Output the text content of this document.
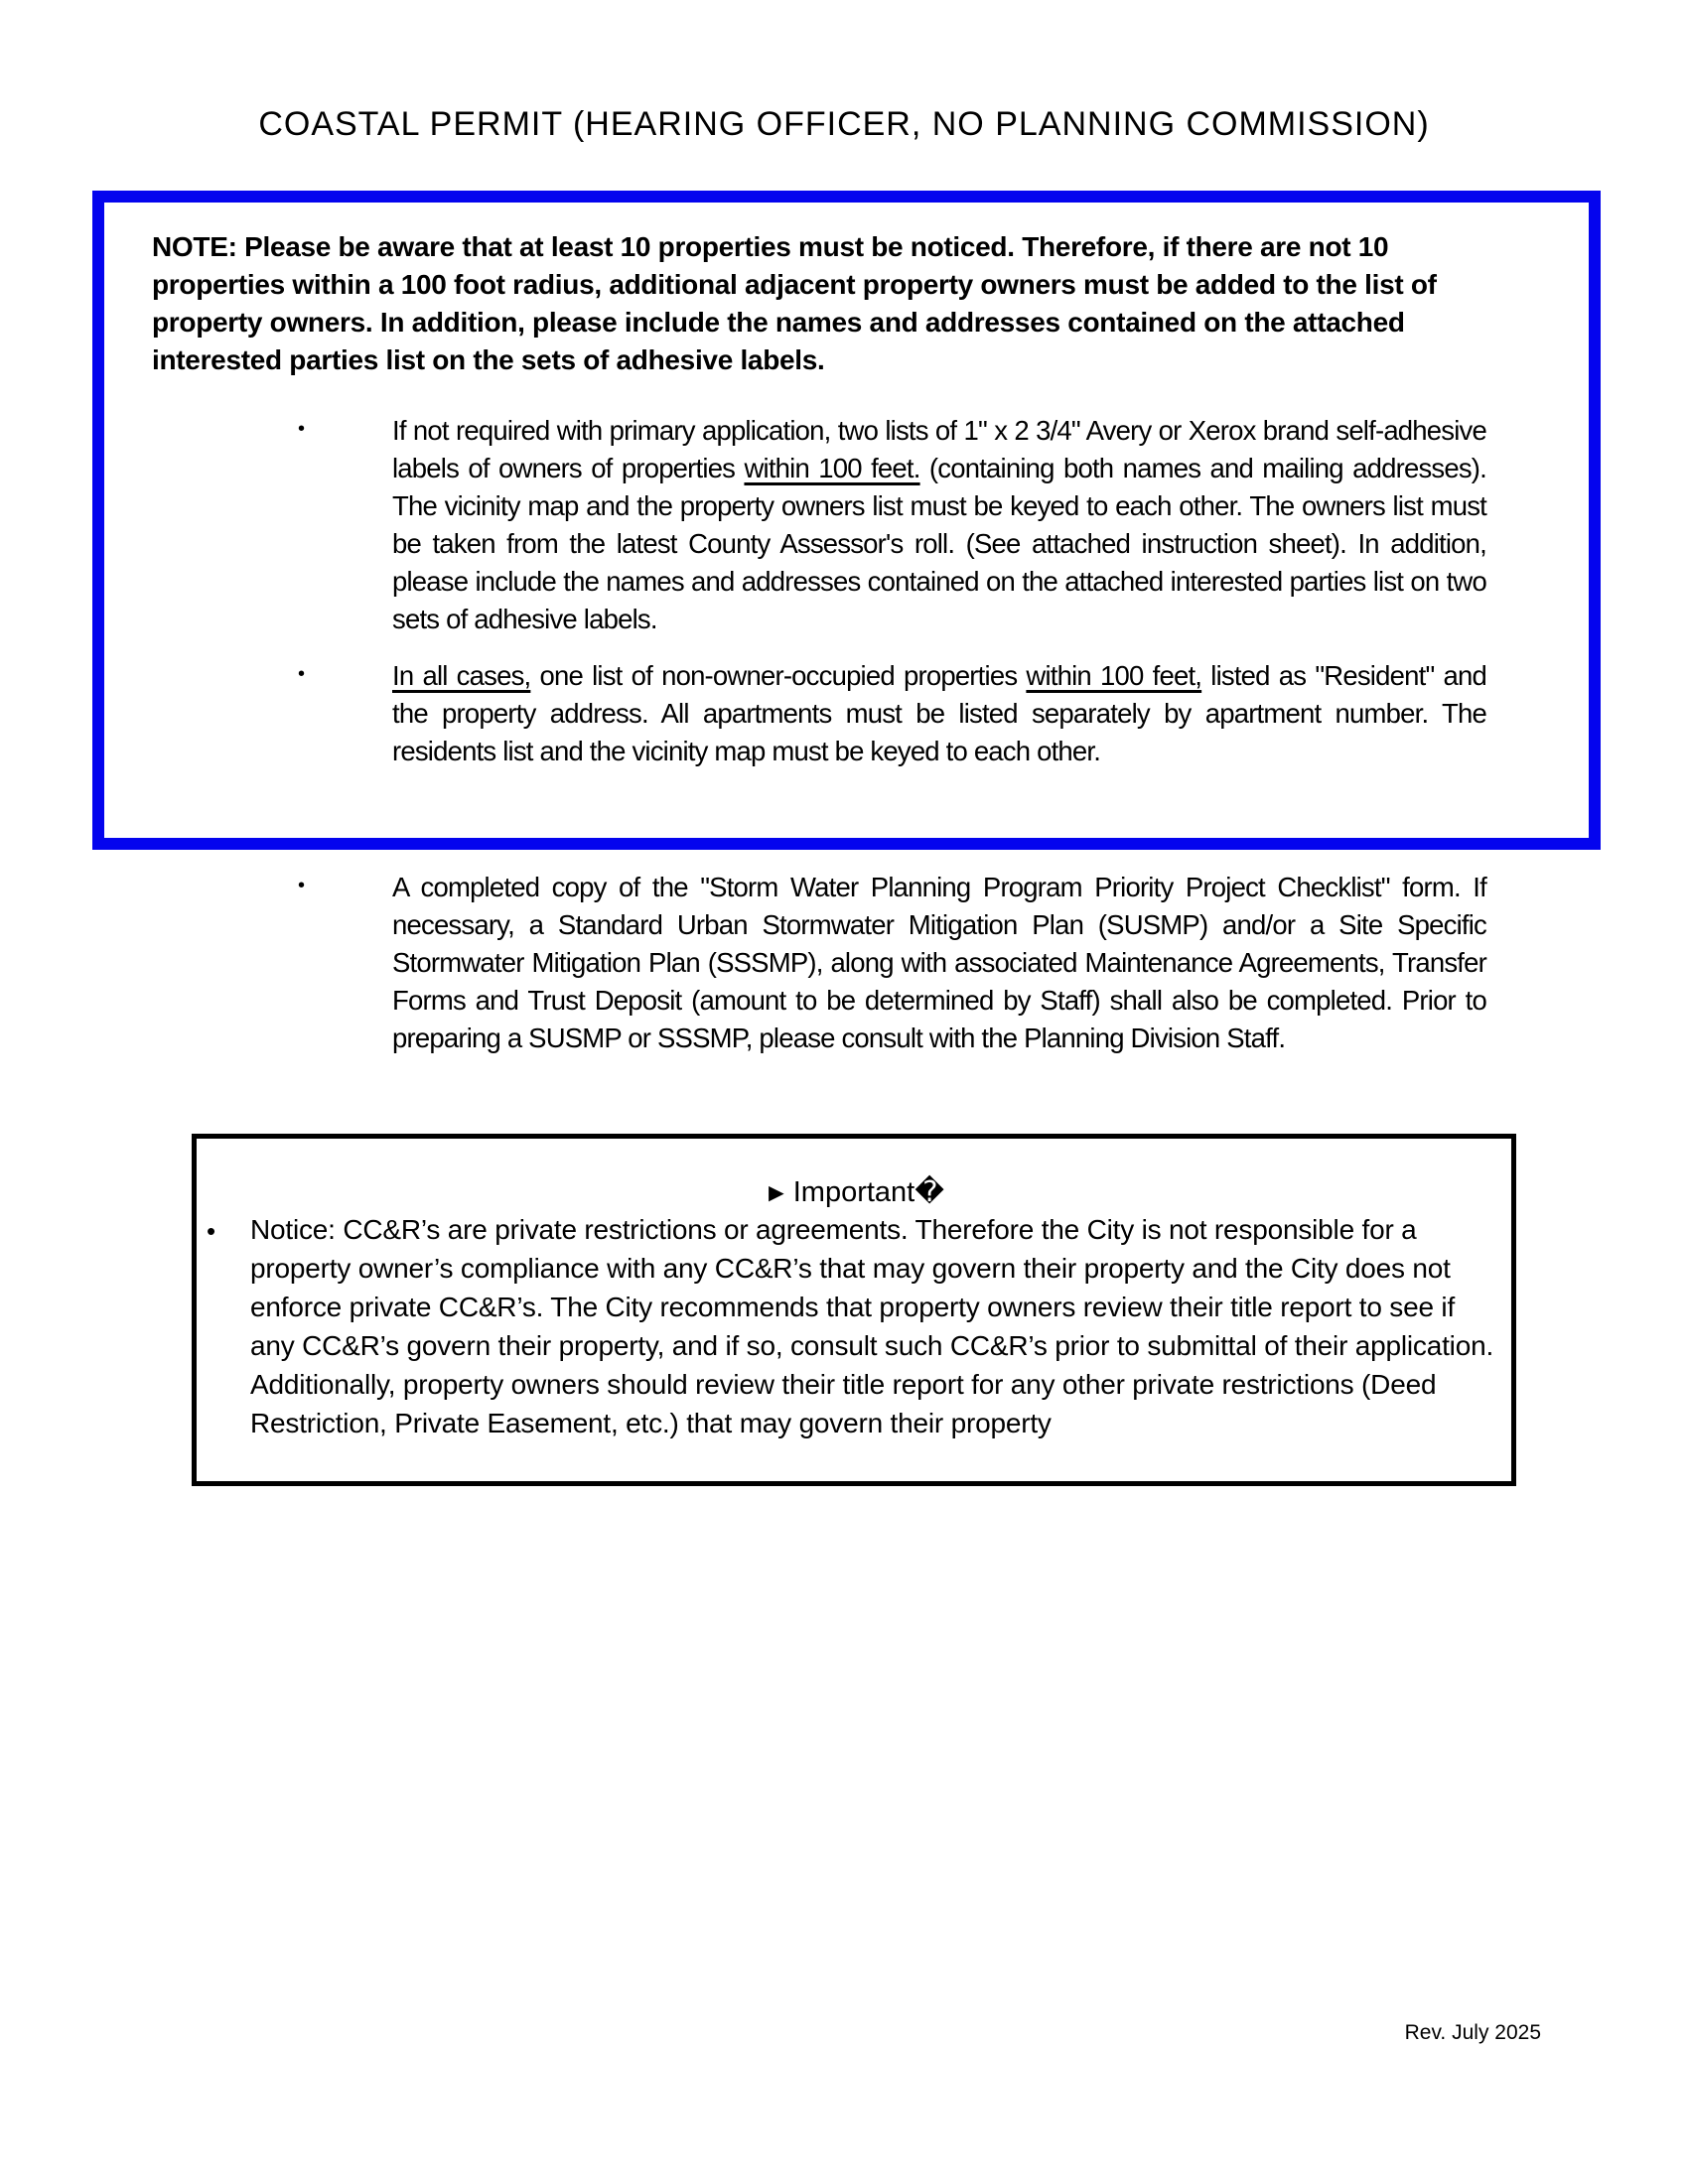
COASTAL PERMIT (HEARING OFFICER, NO PLANNING COMMISSION)

NOTE: Please be aware that at least 10 properties must be noticed. Therefore, if there are not 10 properties within a 100 foot radius, additional adjacent property owners must be added to the list of property owners. In addition, please include the names and addresses contained on the attached interested parties list on the sets of adhesive labels.

•	If not required with primary application, two lists of 1" x 2 3/4" Avery or Xerox brand self-adhesive labels of owners of properties within 100 feet. (containing both names and mailing addresses). The vicinity map and the property owners list must be keyed to each other. The owners list must be taken from the latest County Assessor's roll. (See attached instruction sheet). In addition, please include the names and addresses contained on the attached interested parties list on two sets of adhesive labels.
•	In all cases, one list of non-owner-occupied properties within 100 feet, listed as "Resident" and the property address. All apartments must be listed separately by apartment number. The residents list and the vicinity map must be keyed to each other.
•	A completed copy of the "Storm Water Planning Program Priority Project Checklist" form. If necessary, a Standard Urban Stormwater Mitigation Plan (SUSMP) and/or a Site Specific Stormwater Mitigation Plan (SSSMP), along with associated Maintenance Agreements, Transfer Forms and Trust Deposit (amount to be determined by Staff) shall also be completed. Prior to preparing a SUSMP or SSSMP, please consult with the Planning Division Staff.
► Important�
• Notice: CC&R’s are private restrictions or agreements. Therefore the City is not responsible for a property owner’s compliance with any CC&R’s that may govern their property and the City does not enforce private CC&R’s. The City recommends that property owners review their title report to see if any CC&R’s govern their property, and if so, consult such CC&R’s prior to submittal of their application. Additionally, property owners should review their title report for any other private restrictions (Deed Restriction, Private Easement, etc.) that may govern their property
Rev. July 2025
